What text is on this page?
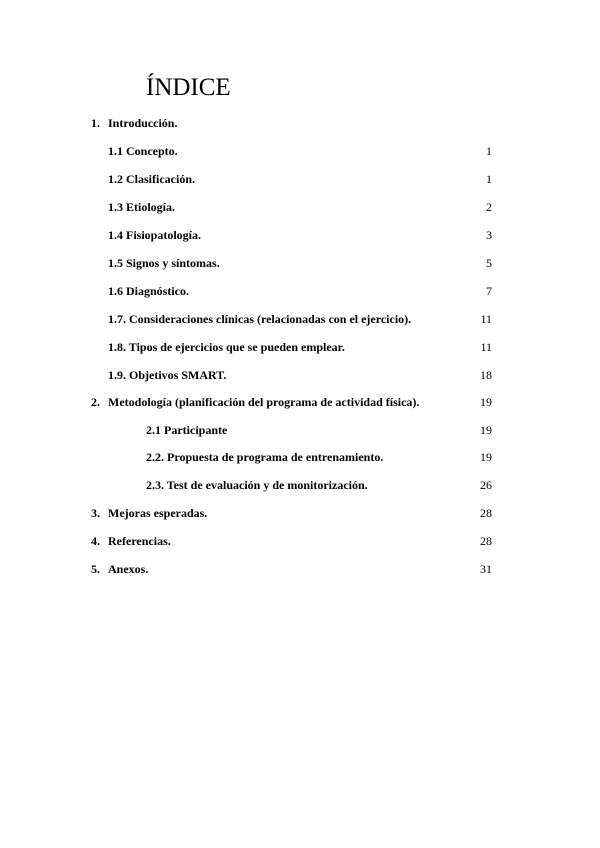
ÍNDICE
1. Introducción.
1.1 Concepto.	1
1.2 Clasificación.	1
1.3 Etiología.	2
1.4 Fisiopatología.	3
1.5 Signos y síntomas.	5
1.6 Diagnóstico.	7
1.7. Consideraciones clínicas (relacionadas con el ejercicio).	11
1.8. Tipos de ejercicios que se pueden emplear.	11
1.9. Objetivos SMART.	18
2. Metodología (planificación del programa de actividad física).	19
2.1 Participante	19
2.2. Propuesta de programa de entrenamiento.	19
2.3. Test de evaluación y de monitorización.	26
3. Mejoras esperadas.	28
4. Referencias.	28
5. Anexos.	31
